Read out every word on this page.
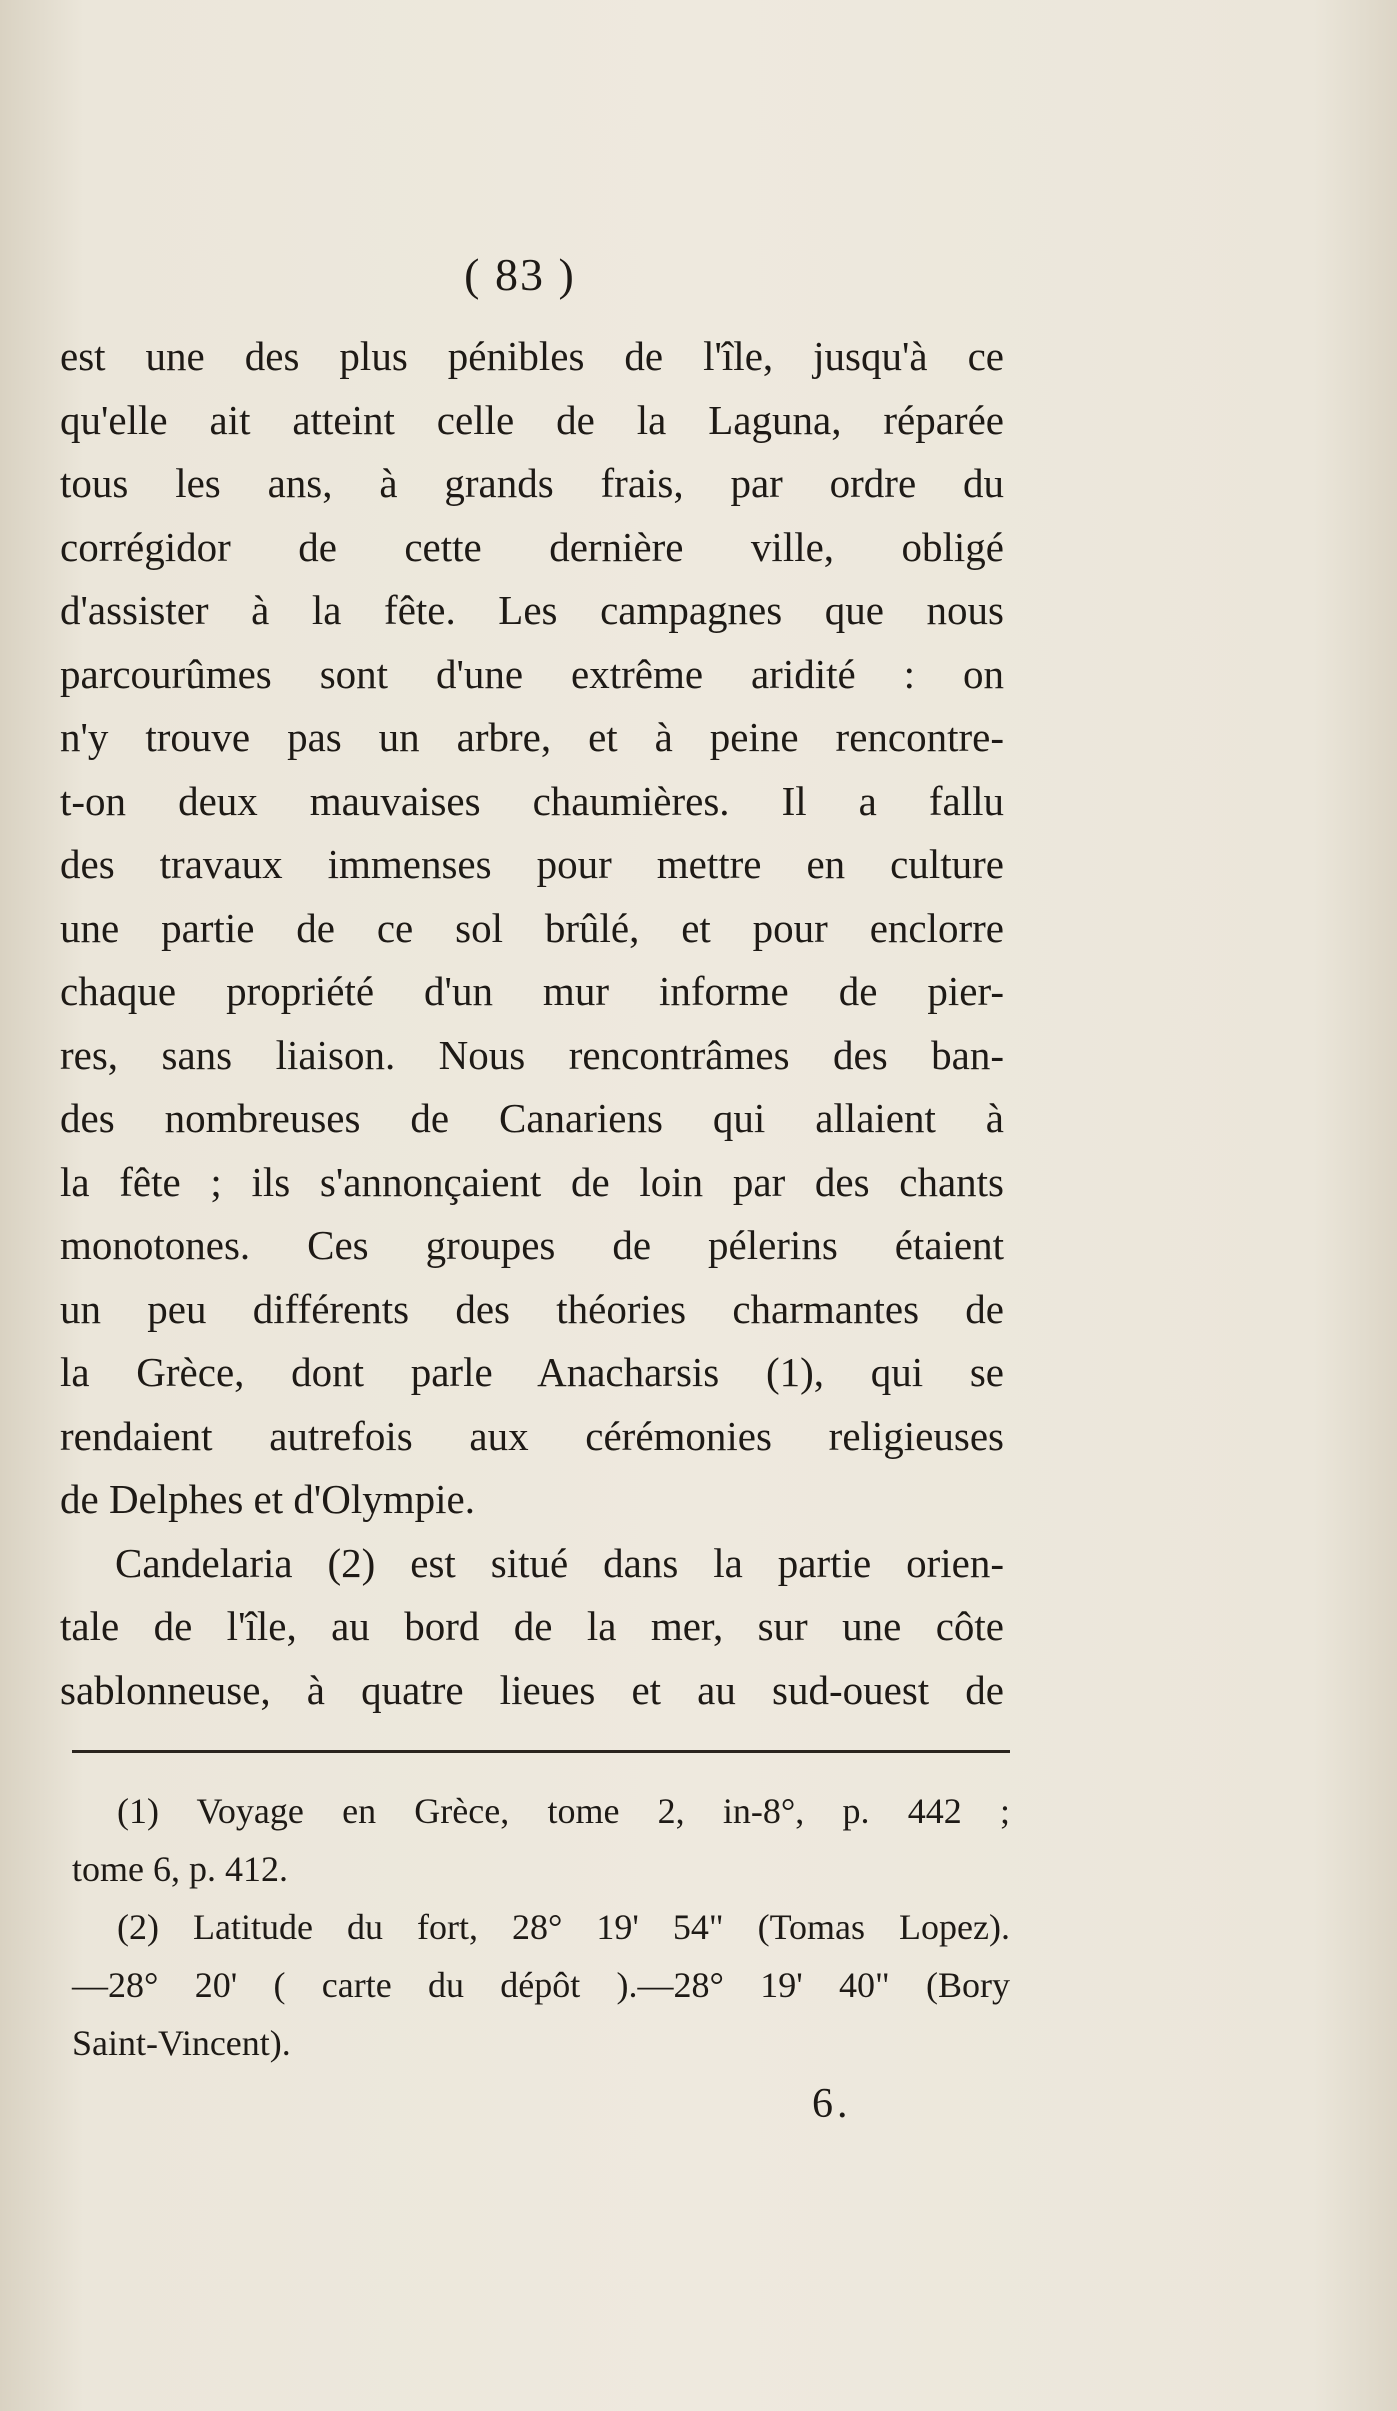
( 83 )
est une des plus pénibles de l'île, jusqu'à ce
qu'elle ait atteint celle de la Laguna, réparée
tous les ans, à grands frais, par ordre du
corrégidor de cette dernière ville, obligé
d'assister à la fête. Les campagnes que nous
parcourûmes sont d'une extrême aridité : on
n'y trouve pas un arbre, et à peine rencontre-
t-on deux mauvaises chaumières. Il a fallu
des travaux immenses pour mettre en culture
une partie de ce sol brûlé, et pour enclorre
chaque propriété d'un mur informe de pier-
res, sans liaison. Nous rencontrâmes des ban-
des nombreuses de Canariens qui allaient à
la fête ; ils s'annonçaient de loin par des chants
monotones. Ces groupes de pélerins étaient
un peu différents des théories charmantes de
la Grèce, dont parle Anacharsis (1), qui se
rendaient autrefois aux cérémonies religieuses
de Delphes et d'Olympie.
Candelaria (2) est situé dans la partie orien-
tale de l'île, au bord de la mer, sur une côte
sablonneuse, à quatre lieues et au sud-ouest de
(1) Voyage en Grèce, tome 2, in-8°, p. 442 ;
tome 6, p. 412.
(2) Latitude du fort, 28° 19' 54" (Tomas Lopez).
—28° 20' ( carte du dépôt ).—28° 19' 40" (Bory
Saint-Vincent).
6.
